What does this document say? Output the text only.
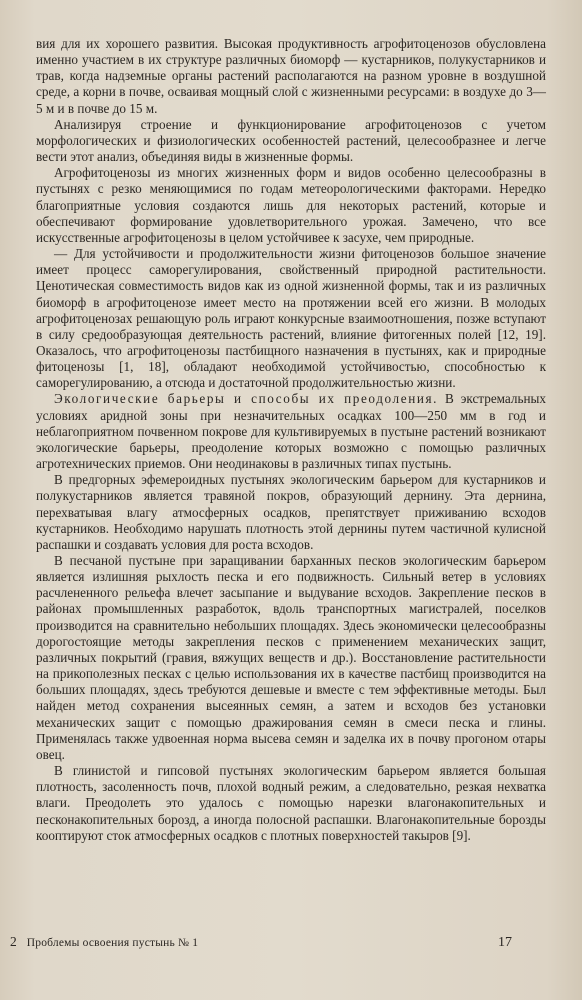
вия для их хорошего развития. Высокая продуктивность агрофитоценозов обусловлена именно участием в их структуре различных биоморф — кустарников, полукустарников и трав, когда надземные органы растений располагаются на разном уровне в воздушной среде, а корни в почве, осваивая мощный слой с жизненными ресурсами: в воздухе до 3—5 м и в почве до 15 м.

Анализируя строение и функционирование агрофитоценозов с учетом морфологических и физиологических особенностей растений, целесообразнее и легче вести этот анализ, объединяя виды в жизненные формы.

Агрофитоценозы из многих жизненных форм и видов особенно целесообразны в пустынях с резко меняющимися по годам метеорологическими факторами. Нередко благоприятные условия создаются лишь для некоторых растений, которые и обеспечивают формирование удовлетворительного урожая. Замечено, что все искусственные агрофитоценозы в целом устойчивее к засухе, чем природные.

— Для устойчивости и продолжительности жизни фитоценозов большое значение имеет процесс саморегулирования, свойственный природной растительности. Ценотическая совместимость видов как из одной жизненной формы, так и из различных биоморф в агрофитоценозе имеет место на протяжении всей его жизни. В молодых агрофитоценозах решающую роль играют конкурсные взаимоотношения, позже вступают в силу средообразующая деятельность растений, влияние фитогенных полей [12, 19]. Оказалось, что агрофитоценозы пастбищного назначения в пустынях, как и природные фитоценозы [1, 18], обладают необходимой устойчивостью, способностью к саморегулированию, а отсюда и достаточной продолжительностью жизни.

Экологические барьеры и способы их преодоления. В экстремальных условиях аридной зоны при незначительных осадках 100—250 мм в год и неблагоприятном почвенном покрове для культивируемых в пустыне растений возникают экологические барьеры, преодоление которых возможно с помощью различных агротехнических приемов. Они неодинаковы в различных типах пустынь.

В предгорных эфемероидных пустынях экологическим барьером для кустарников и полукустарников является травяной покров, образующий дернину. Эта дернина, перехватывая влагу атмосферных осадков, препятствует приживанию всходов кустарников. Необходимо нарушать плотность этой дернины путем частичной кулисной распашки и создавать условия для роста всходов.

В песчаной пустыне при заращивании барханных песков экологическим барьером является излишняя рыхлость песка и его подвижность. Сильный ветер в условиях расчлененного рельефа влечет засыпание и выдувание всходов. Закрепление песков в районах промышленных разработок, вдоль транспортных магистралей, поселков производится на сравнительно небольших площадях. Здесь экономически целесообразны дорогостоящие методы закрепления песков с применением механических защит, различных покрытий (гравия, вяжущих веществ и др.). Восстановление растительности на прикополезных песках с целью использования их в качестве пастбищ производится на больших площадях, здесь требуются дешевые и вместе с тем эффективные методы. Был найден метод сохранения высеянных семян, а затем и всходов без установки механических защит с помощью дражирования семян в смеси песка и глины. Применялась также удвоенная норма высева семян и заделка их в почву прогоном отары овец.

В глинистой и гипсовой пустынях экологическим барьером является большая плотность, засоленность почв, плохой водный режим, а следовательно, резкая нехватка влаги. Преодолеть это удалось с помощью нарезки влагонакопительных и песконакопительных борозд, а иногда полосной распашки. Влагонакопительные борозды кооптируют сток атмосферных осадков с плотных поверхностей такыров [9].

2 Проблемы освоения пустынь № 1	17
